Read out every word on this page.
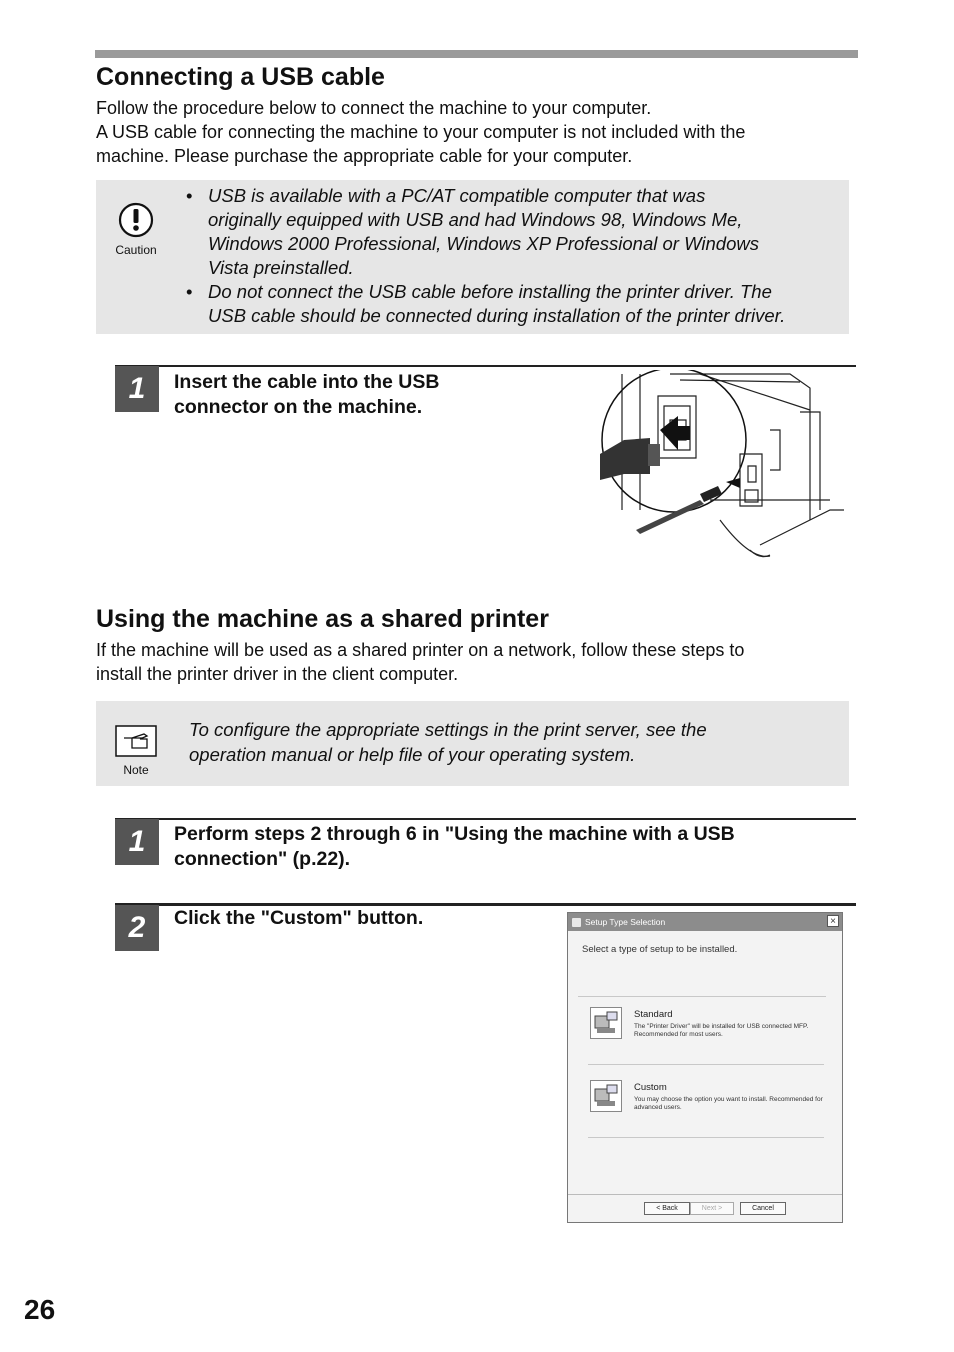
Connecting a USB cable
Follow the procedure below to connect the machine to your computer.
A USB cable for connecting the machine to your computer is not included with the
machine. Please purchase the appropriate cable for your computer.
Caution
• USB is available with a PC/AT compatible computer that was
originally equipped with USB and had Windows 98, Windows Me,
Windows 2000 Professional, Windows XP Professional or Windows
Vista preinstalled.
• Do not connect the USB cable before installing the printer driver. The
USB cable should be connected during installation of the printer driver.
1	Insert the cable into the USB
connector on the machine.
Using the machine as a shared printer
If the machine will be used as a shared printer on a network, follow these steps to
install the printer driver in the client computer.
Note
To configure the appropriate settings in the print server, see the
operation manual or help file of your operating system.
1	Perform steps 2 through 6 in "Using the machine with a USB
connection" (p.22).
2	Click the "Custom" button.	Setup Type Selection	×
Select a type of setup to be installed.
Standard
The "Printer Driver" will be installed for USB connected MFP.
Recommended for most users.
Custom
You may choose the option you want to install. Recommended for
advanced users.
< Back	Next >	Cancel
26
